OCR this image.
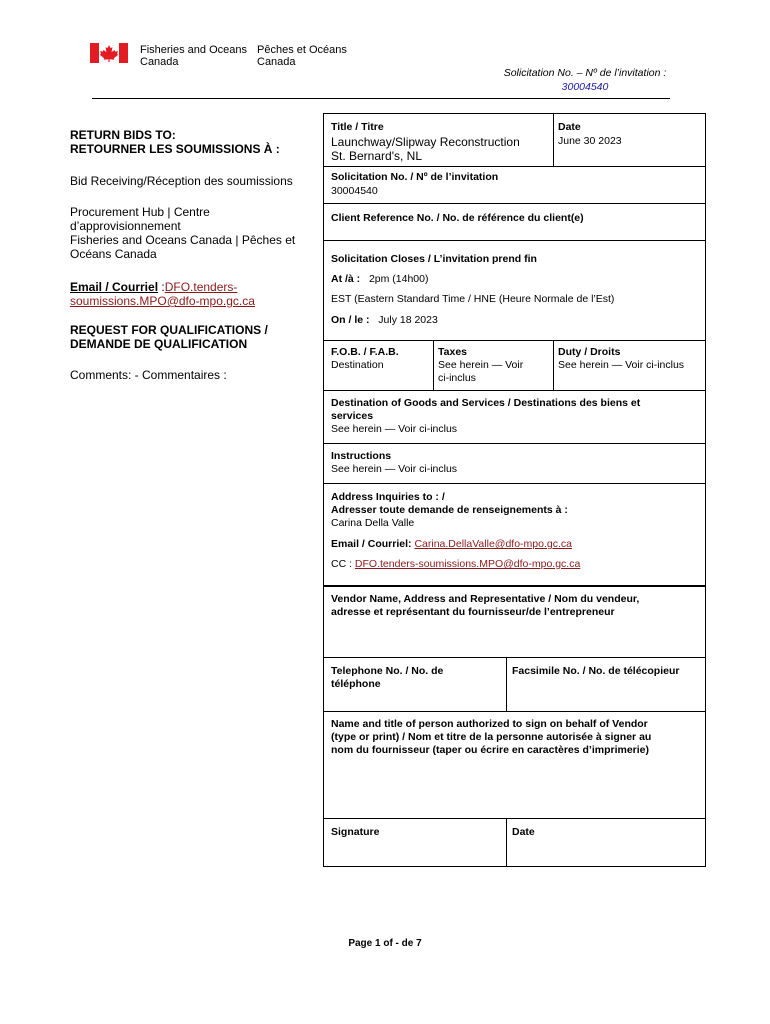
Fisheries and Oceans
Canada
Pêches et Océans
Canada
Solicitation No. – Nº de l’invitation :
30004540
RETURN BIDS TO:
RETOURNER LES SOUMISSIONS À :
Bid Receiving/Réception des soumissions
Procurement Hub | Centre
d’approvisionnement
Fisheries and Oceans Canada | Pêches et
Océans Canada
Email / Courriel :DFO.tenders-
soumissions.MPO@dfo-mpo.gc.ca
REQUEST FOR QUALIFICATIONS /
DEMANDE DE QUALIFICATION
Comments: - Commentaires :
Title / Titre
Launchway/Slipway Reconstruction
St. Bernard's, NL
Date
June 30 2023
Solicitation No. / Nº de l’invitation
30004540
Client Reference No. / No. de référence du client(e)
Solicitation Closes / L’invitation prend fin
At /à : 2pm (14h00)
EST (Eastern Standard Time / HNE (Heure Normale de l’Est)
On / le : July 18 2023
F.O.B. / F.A.B.
Destination
Taxes
See herein — Voir
ci-inclus
Duty / Droits
See herein — Voir ci-inclus
Destination of Goods and Services / Destinations des biens et
services
See herein — Voir ci-inclus
Instructions
See herein — Voir ci-inclus
Address Inquiries to : /
Adresser toute demande de renseignements à :
Carina Della Valle
Email / Courriel: Carina.DellaValle@dfo-mpo.gc.ca
CC : DFO.tenders-soumissions.MPO@dfo-mpo.gc.ca
Vendor Name, Address and Representative / Nom du vendeur,
adresse et représentant du fournisseur/de l’entrepreneur
Telephone No. / No. de
téléphone
Facsimile No. / No. de télécopieur
Name and title of person authorized to sign on behalf of Vendor
(type or print) / Nom et titre de la personne autorisée à signer au
nom du fournisseur (taper ou écrire en caractères d’imprimerie)
Signature	Date
Page 1 of - de 7
